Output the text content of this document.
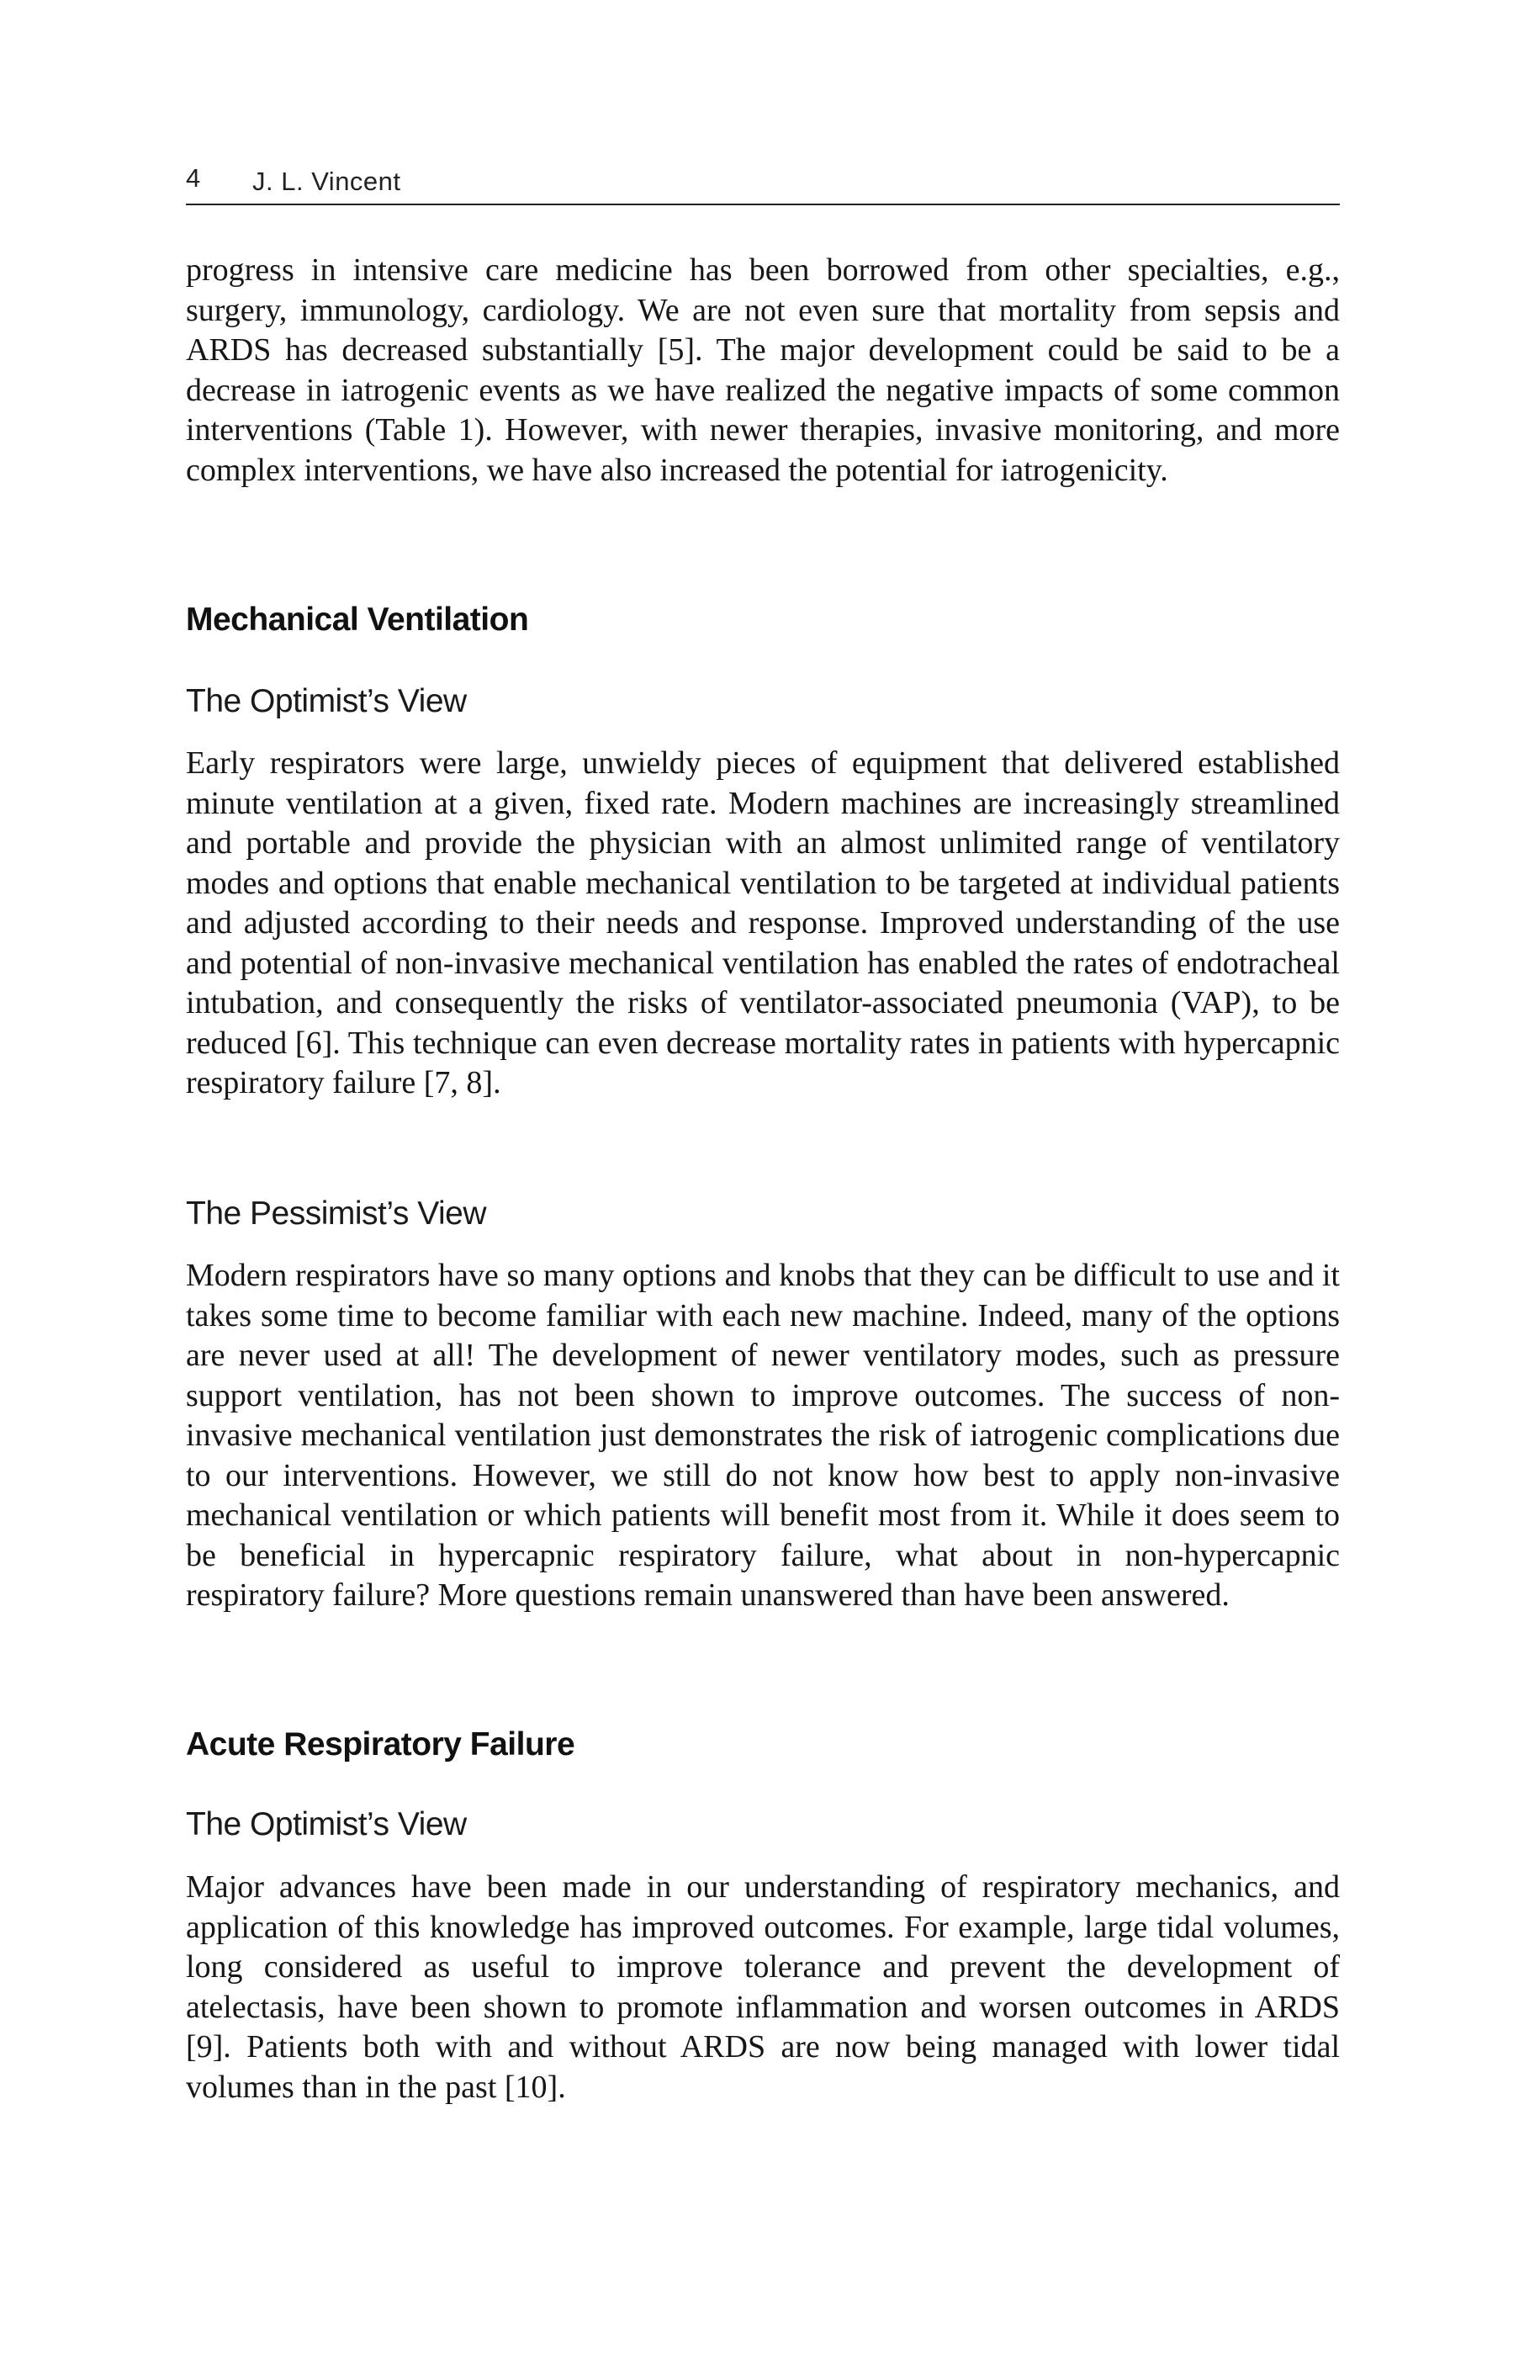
4 J. L. Vincent

progress in intensive care medicine has been borrowed from other specialties, e.g., surgery, immunology, cardiology. We are not even sure that mortality from sepsis and ARDS has decreased substantially [5]. The major development could be said to be a decrease in iatrogenic events as we have realized the negative impacts of some common interventions (Table 1). However, with newer therapies, invasive monitoring, and more complex interventions, we have also increased the potential for iatrogenicity.

Mechanical Ventilation
The Optimist’s View

Early respirators were large, unwieldy pieces of equipment that delivered established minute ventilation at a given, fixed rate. Modern machines are increasingly streamlined and portable and provide the physician with an almost unlimited range of ventilatory modes and options that enable mechanical ventilation to be targeted at individual patients and adjusted according to their needs and response. Improved understanding of the use and potential of non-invasive mechanical ventilation has enabled the rates of endotracheal intubation, and consequently the risks of ventilator-associated pneumonia (VAP), to be reduced [6]. This technique can even decrease mortality rates in patients with hypercapnic respiratory failure [7, 8].

The Pessimist’s View

Modern respirators have so many options and knobs that they can be difficult to use and it takes some time to become familiar with each new machine. Indeed, many of the options are never used at all! The development of newer ventilatory modes, such as pressure support ventilation, has not been shown to improve outcomes. The success of non-invasive mechanical ventilation just demonstrates the risk of iatrogenic complications due to our interventions. However, we still do not know how best to apply non-invasive mechanical ventilation or which patients will benefit most from it. While it does seem to be beneficial in hypercapnic respiratory failure, what about in non-hypercapnic respiratory failure? More questions remain unanswered than have been answered.

Acute Respiratory Failure
The Optimist’s View

Major advances have been made in our understanding of respiratory mechanics, and application of this knowledge has improved outcomes. For example, large tidal volumes, long considered as useful to improve tolerance and prevent the development of atelectasis, have been shown to promote inflammation and worsen outcomes in ARDS [9]. Patients both with and without ARDS are now being managed with lower tidal volumes than in the past [10].
